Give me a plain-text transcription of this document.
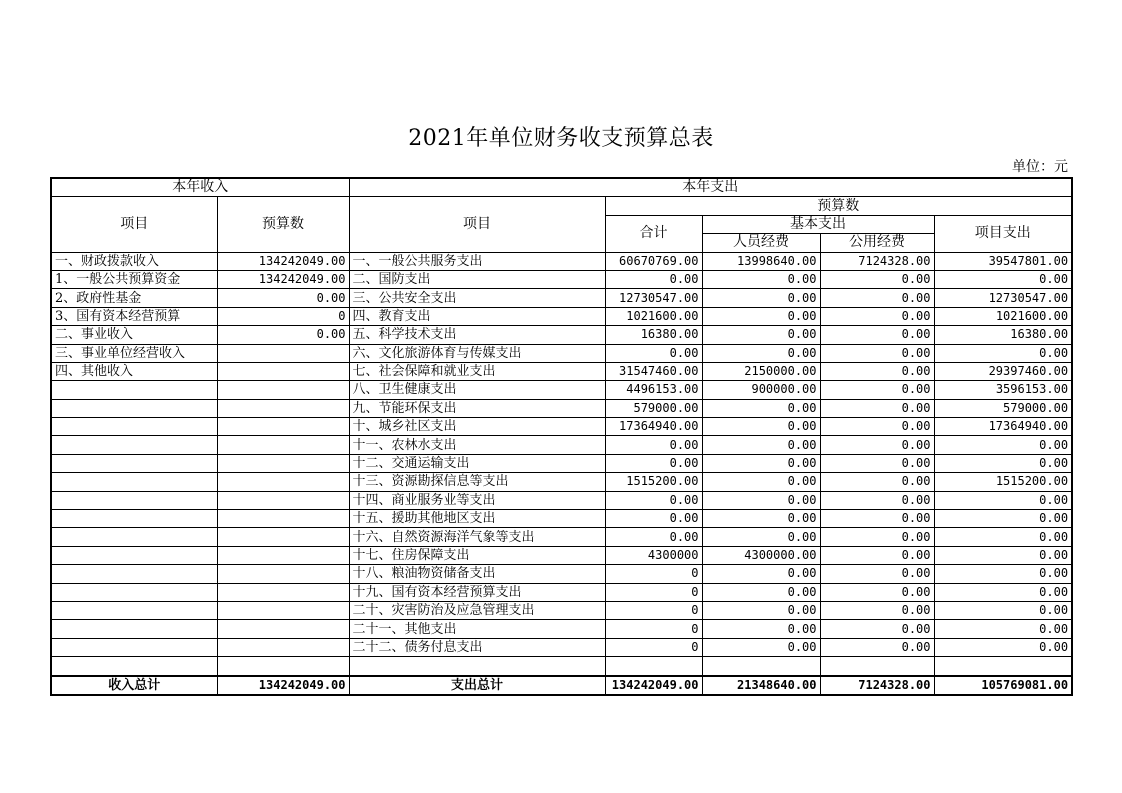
2021年单位财务收支预算总表
单位：元
本年收入		本年支出				
项目	预算数	项目	预算数			
			合计	基本支出		项目支出
				人员经费	公用经费	
一、财政拨款收入	134242049.00	一、一般公共服务支出	60670769.00	13998640.00	7124328.00	39547801.00
1、一般公共预算资金	134242049.00	二、国防支出	0.00	0.00	0.00	0.00
2、政府性基金	0.00	三、公共安全支出	12730547.00	0.00	0.00	12730547.00
3、国有资本经营预算	0	四、教育支出	1021600.00	0.00	0.00	1021600.00
二、事业收入	0.00	五、科学技术支出	16380.00	0.00	0.00	16380.00
三、事业单位经营收入		六、文化旅游体育与传媒支出	0.00	0.00	0.00	0.00
四、其他收入		七、社会保障和就业支出	31547460.00	2150000.00	0.00	29397460.00
		八、卫生健康支出	4496153.00	900000.00	0.00	3596153.00
		九、节能环保支出	579000.00	0.00	0.00	579000.00
		十、城乡社区支出	17364940.00	0.00	0.00	17364940.00
		十一、农林水支出	0.00	0.00	0.00	0.00
		十二、交通运输支出	0.00	0.00	0.00	0.00
		十三、资源勘探信息等支出	1515200.00	0.00	0.00	1515200.00
		十四、商业服务业等支出	0.00	0.00	0.00	0.00
		十五、援助其他地区支出	0.00	0.00	0.00	0.00
		十六、自然资源海洋气象等支出	0.00	0.00	0.00	0.00
		十七、住房保障支出	4300000	4300000.00	0.00	0.00
		十八、粮油物资储备支出	0	0.00	0.00	0.00
		十九、国有资本经营预算支出	0	0.00	0.00	0.00
		二十、灾害防治及应急管理支出	0	0.00	0.00	0.00
		二十一、其他支出	0	0.00	0.00	0.00
		二十二、债务付息支出	0	0.00	0.00	0.00

收入总计	134242049.00	支出总计	134242049.00	21348640.00	7124328.00	105769081.00
